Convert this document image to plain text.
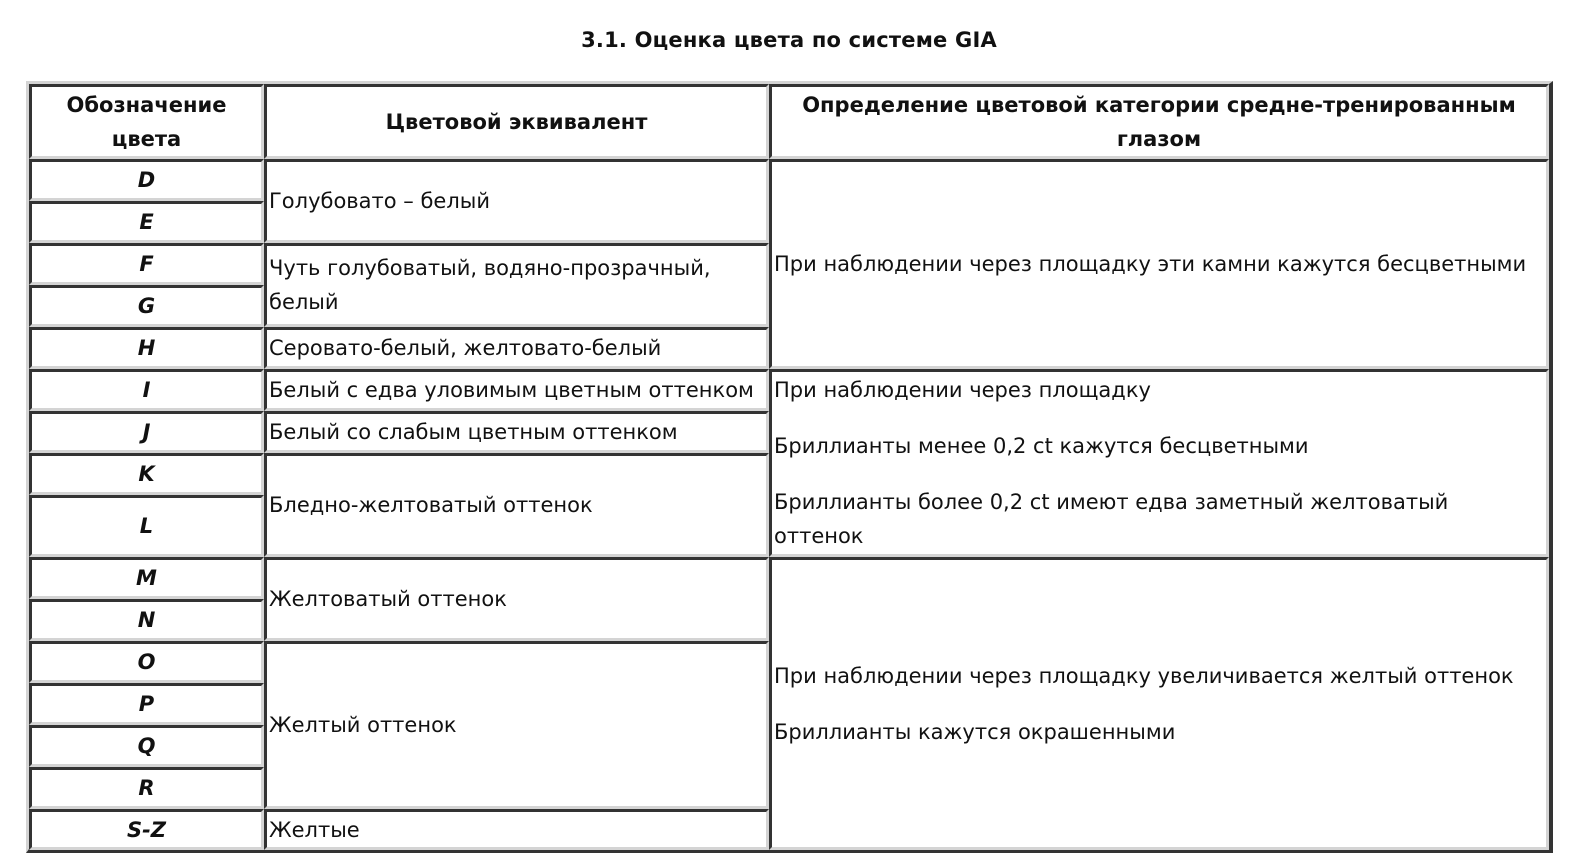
3.1. Оценка цвета по системе GIA
Обозначение цвета
Цветовой эквивалент
Определение цветовой категории средне-тренированным глазом
D
E
F
G
H
I
J
K
L
M
N
O
P
Q
R
S-Z
Голубовато – белый
Чуть голубоватый, водяно-прозрачный, белый
Серовато-белый, желтовато-белый
Белый с едва уловимым цветным оттенком
Белый со слабым цветным оттенком
Бледно-желтоватый оттенок
Желтоватый оттенок
Желтый оттенок
Желтые

При наблюдении через площадку эти камни кажутся бесцветными

При наблюдении через площадку

Бриллианты менее 0,2 ct кажутся бесцветными

Бриллианты более 0,2 ct имеют едва заметный желтоватый оттенок

При наблюдении через площадку увеличивается желтый оттенок

Бриллианты кажутся окрашенными
